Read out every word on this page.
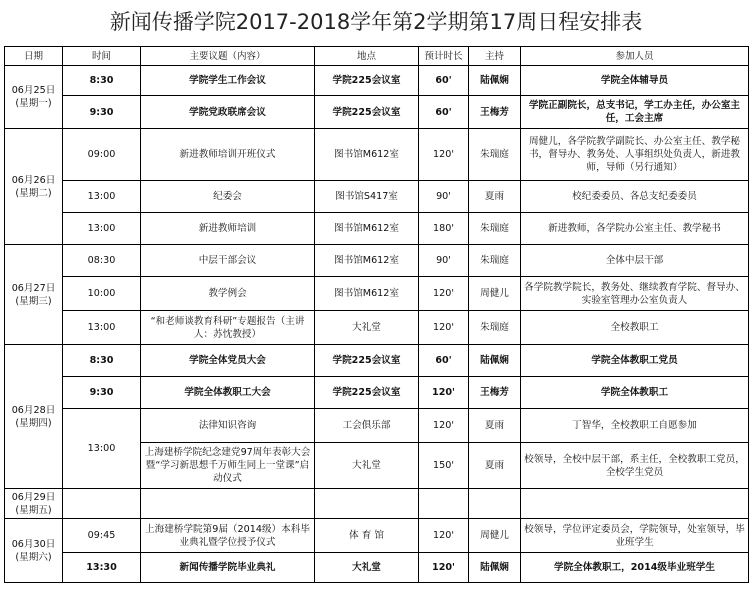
新闻传播学院2017-2018学年第2学期第17周日程安排表
日期	时间	主要议题（内容）	地点	预计时长	主持	参加人员

06月25日
(星期一)	8:30	学院学生工作会议	学院225会议室	60'	陆佩娴	学院全体辅导员
	9:30	学院党政联席会议	学院225会议室	60'	王梅芳	学院正副院长，总支书记，学工办主任，办公室主任，工会主席

06月26日
(星期二)	09:00	新进教师培训开班仪式	图书馆M612室	120'	朱瑞庭	周健儿，各学院教学副院长、办公室主任、教学秘书，督导办、教务处、人事组织处负责人，新进教师，导师（另行通知）
	13:00	纪委会	图书馆S417室	90'	夏雨	校纪委委员、各总支纪委委员
	13:00	新进教师培训	图书馆M612室	180'	朱瑞庭	新进教师，各学院办公室主任、教学秘书

06月27日
(星期三)	08:30	中层干部会议	图书馆M612室	90'	朱瑞庭	全体中层干部
	10:00	教学例会	图书馆M612室	120'	周健儿	各学院教学院长，教务处、继续教育学院、督导办、实验室管理办公室负责人
	13:00	“和老师谈教育科研”专题报告（主讲人：苏忱教授）	大礼堂	120'	朱瑞庭	全校教职工

06月28日
(星期四)	8:30	学院全体党员大会	学院225会议室	60'	陆佩娴	学院全体教职工党员
	9:30	学院全体教职工大会	学院225会议室	120'	王梅芳	学院全体教职工
	13:00	法律知识咨询	工会俱乐部	120'	夏雨	丁智华，全校教职工自愿参加
		上海建桥学院纪念建党97周年表彰大会暨“学习新思想千万师生同上一堂课”启动仪式	大礼堂	150'	夏雨	校领导，全校中层干部，系主任，全校教职工党员，全校学生党员

06月29日
(星期五)						

06月30日
(星期六)	09:45	上海建桥学院第9届（2014级）本科毕业典礼暨学位授予仪式	体 育 馆	120'	周健儿	校领导，学位评定委员会，学院领导，处室领导，毕业班学生
	13:30	新闻传播学院毕业典礼	大礼堂	120'	陆佩娴	学院全体教职工，2014级毕业班学生
